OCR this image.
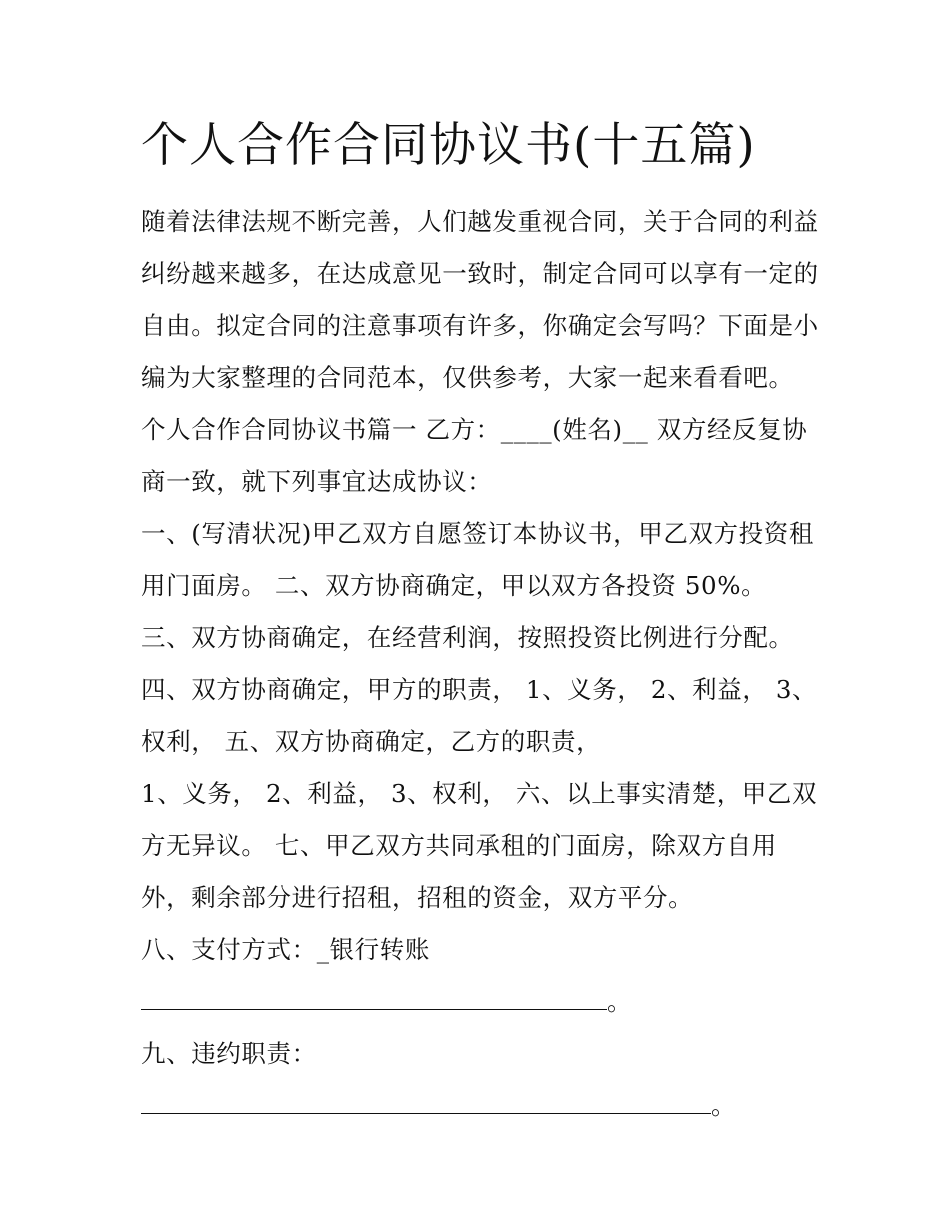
个人合作合同协议书(十五篇)
随着法律法规不断完善，人们越发重视合同，关于合同的利益
纠纷越来越多，在达成意见一致时，制定合同可以享有一定的
自由。拟定合同的注意事项有许多，你确定会写吗？下面是小
编为大家整理的合同范本，仅供参考，大家一起来看看吧。
个人合作合同协议书篇一 乙方：____(姓名)__ 双方经反复协
商一致，就下列事宜达成协议：
一、(写清状况)甲乙双方自愿签订本协议书，甲乙双方投资租
用门面房。 二、双方协商确定，甲以双方各投资 50%。
三、双方协商确定，在经营利润，按照投资比例进行分配。
四、双方协商确定，甲方的职责， 1、义务， 2、利益， 3、
权利， 五、双方协商确定，乙方的职责，
1、义务， 2、利益， 3、权利， 六、以上事实清楚，甲乙双
方无异议。 七、甲乙双方共同承租的门面房，除双方自用
外，剩余部分进行招租，招租的资金，双方平分。
八、支付方式：_银行转账
。
九、违约职责：
。
